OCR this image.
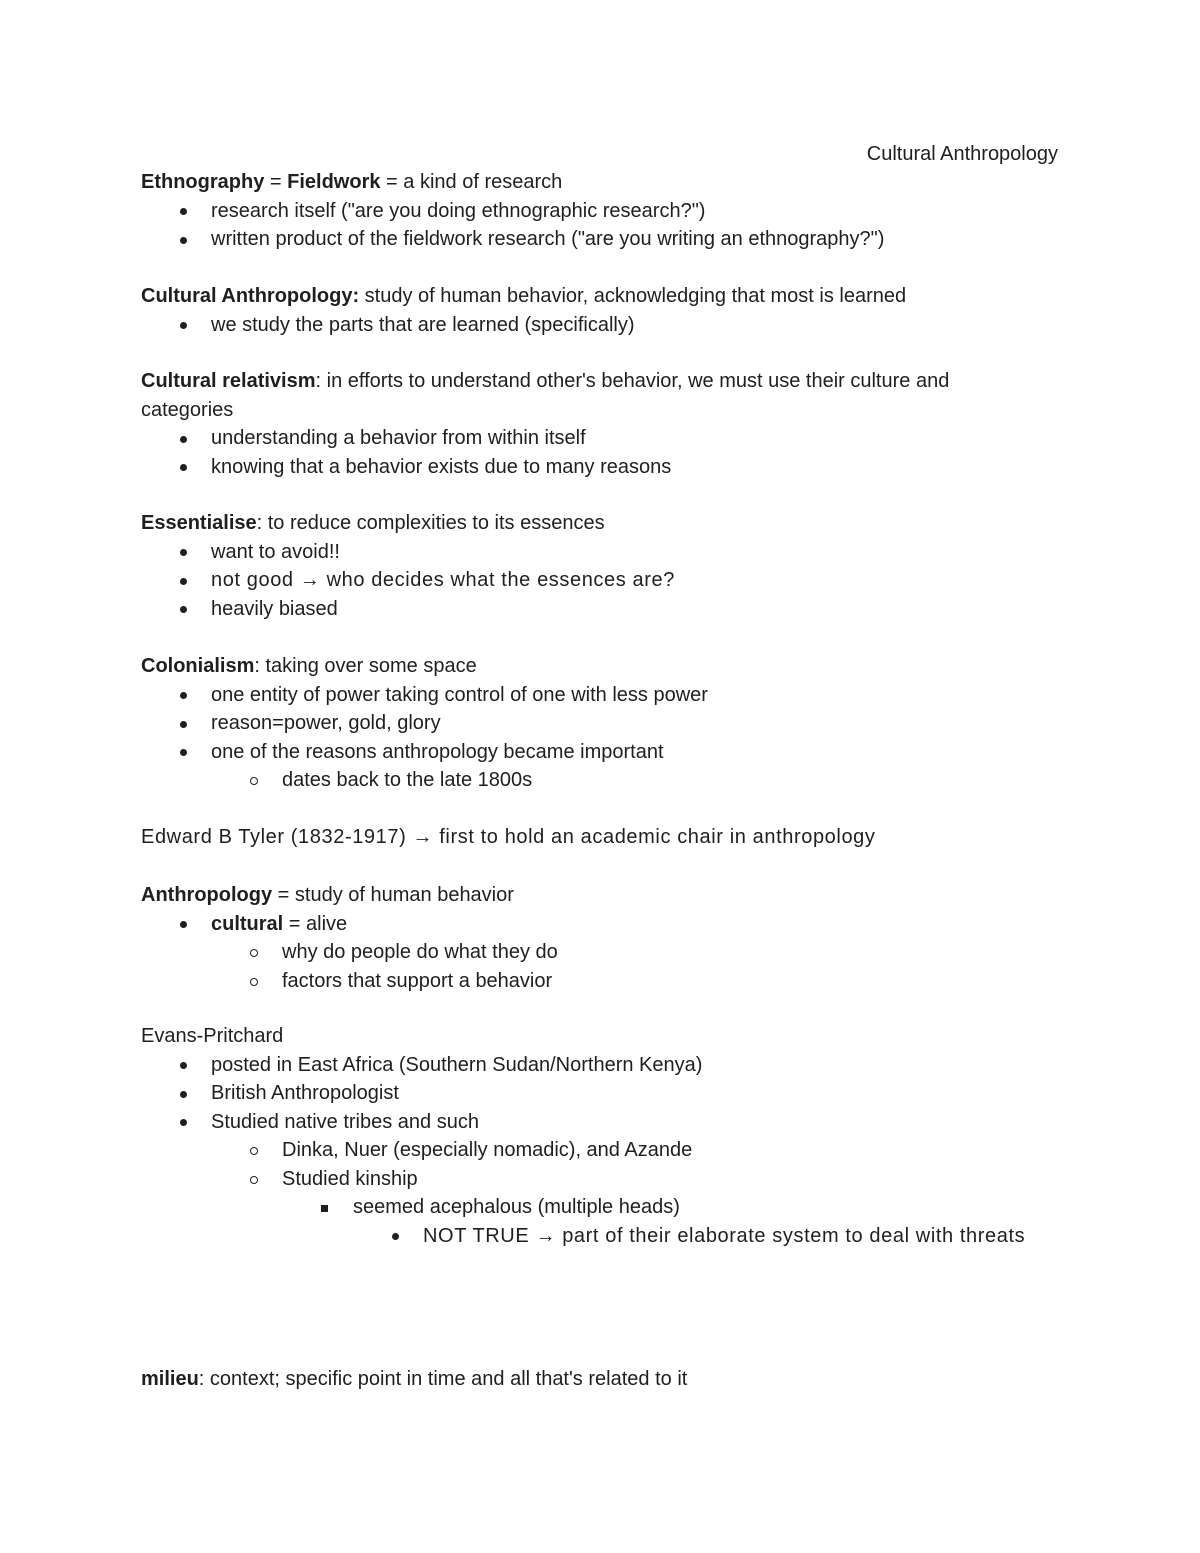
Cultural Anthropology
Ethnography = Fieldwork = a kind of research
research itself ("are you doing ethnographic research?")
written product of the fieldwork research ("are you writing an ethnography?")
Cultural Anthropology: study of human behavior, acknowledging that most is learned
we study the parts that are learned (specifically)
Cultural relativism: in efforts to understand other's behavior, we must use their culture and categories
understanding a behavior from within itself
knowing that a behavior exists due to many reasons
Essentialise: to reduce complexities to its essences
want to avoid!!
not good → who decides what the essences are?
heavily biased
Colonialism: taking over some space
one entity of power taking control of one with less power
reason=power, gold, glory
one of the reasons anthropology became important
dates back to the late 1800s
Edward B Tyler (1832-1917) → first to hold an academic chair in anthropology
Anthropology = study of human behavior
cultural = alive
why do people do what they do
factors that support a behavior
Evans-Pritchard
posted in East Africa (Southern Sudan/Northern Kenya)
British Anthropologist
Studied native tribes and such
Dinka, Nuer (especially nomadic), and Azande
Studied kinship
seemed acephalous (multiple heads)
NOT TRUE → part of their elaborate system to deal with threats
milieu: context; specific point in time and all that's related to it
